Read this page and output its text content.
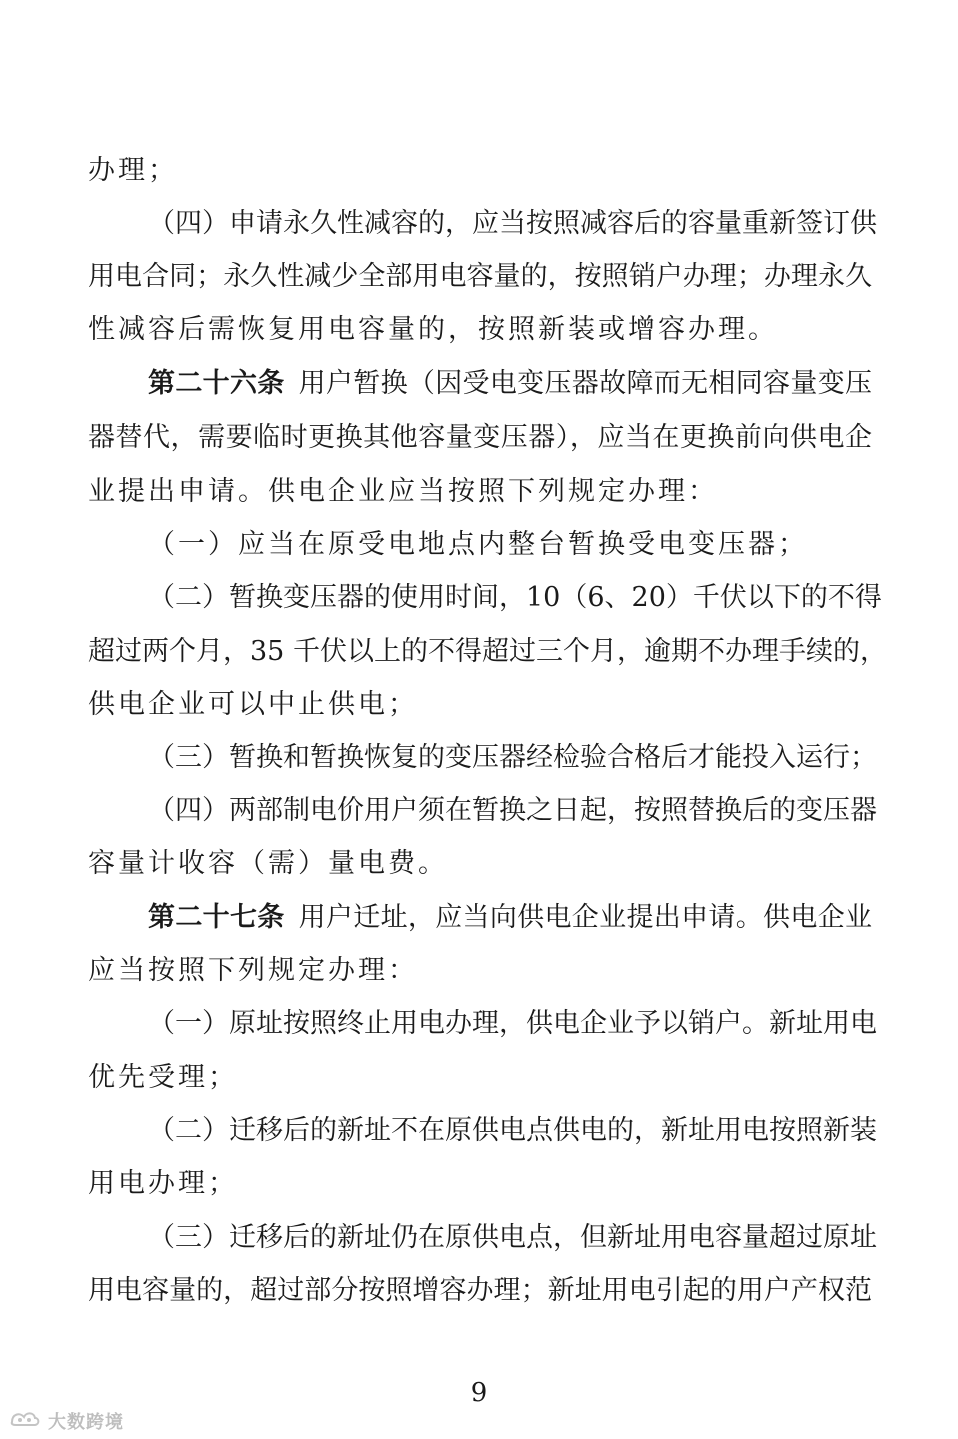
办理；
（四）申请永久性减容的，应当按照减容后的容量重新签订供
用电合同；永久性减少全部用电容量的，按照销户办理；办理永久
性减容后需恢复用电容量的，按照新装或增容办理。
第二十六条 用户暂换（因受电变压器故障而无相同容量变压
器替代，需要临时更换其他容量变压器），应当在更换前向供电企
业提出申请。供电企业应当按照下列规定办理：
（一）应当在原受电地点内整台暂换受电变压器；
（二）暂换变压器的使用时间，10（6、20）千伏以下的不得
超过两个月，35 千伏以上的不得超过三个月，逾期不办理手续的，
供电企业可以中止供电；
（三）暂换和暂换恢复的变压器经检验合格后才能投入运行；
（四）两部制电价用户须在暂换之日起，按照替换后的变压器
容量计收容（需）量电费。
第二十七条 用户迁址，应当向供电企业提出申请。供电企业
应当按照下列规定办理：
（一）原址按照终止用电办理，供电企业予以销户。新址用电
优先受理；
（二）迁移后的新址不在原供电点供电的，新址用电按照新装
用电办理；
（三）迁移后的新址仍在原供电点，但新址用电容量超过原址
用电容量的，超过部分按照增容办理；新址用电引起的用户产权范
9
大数跨境
